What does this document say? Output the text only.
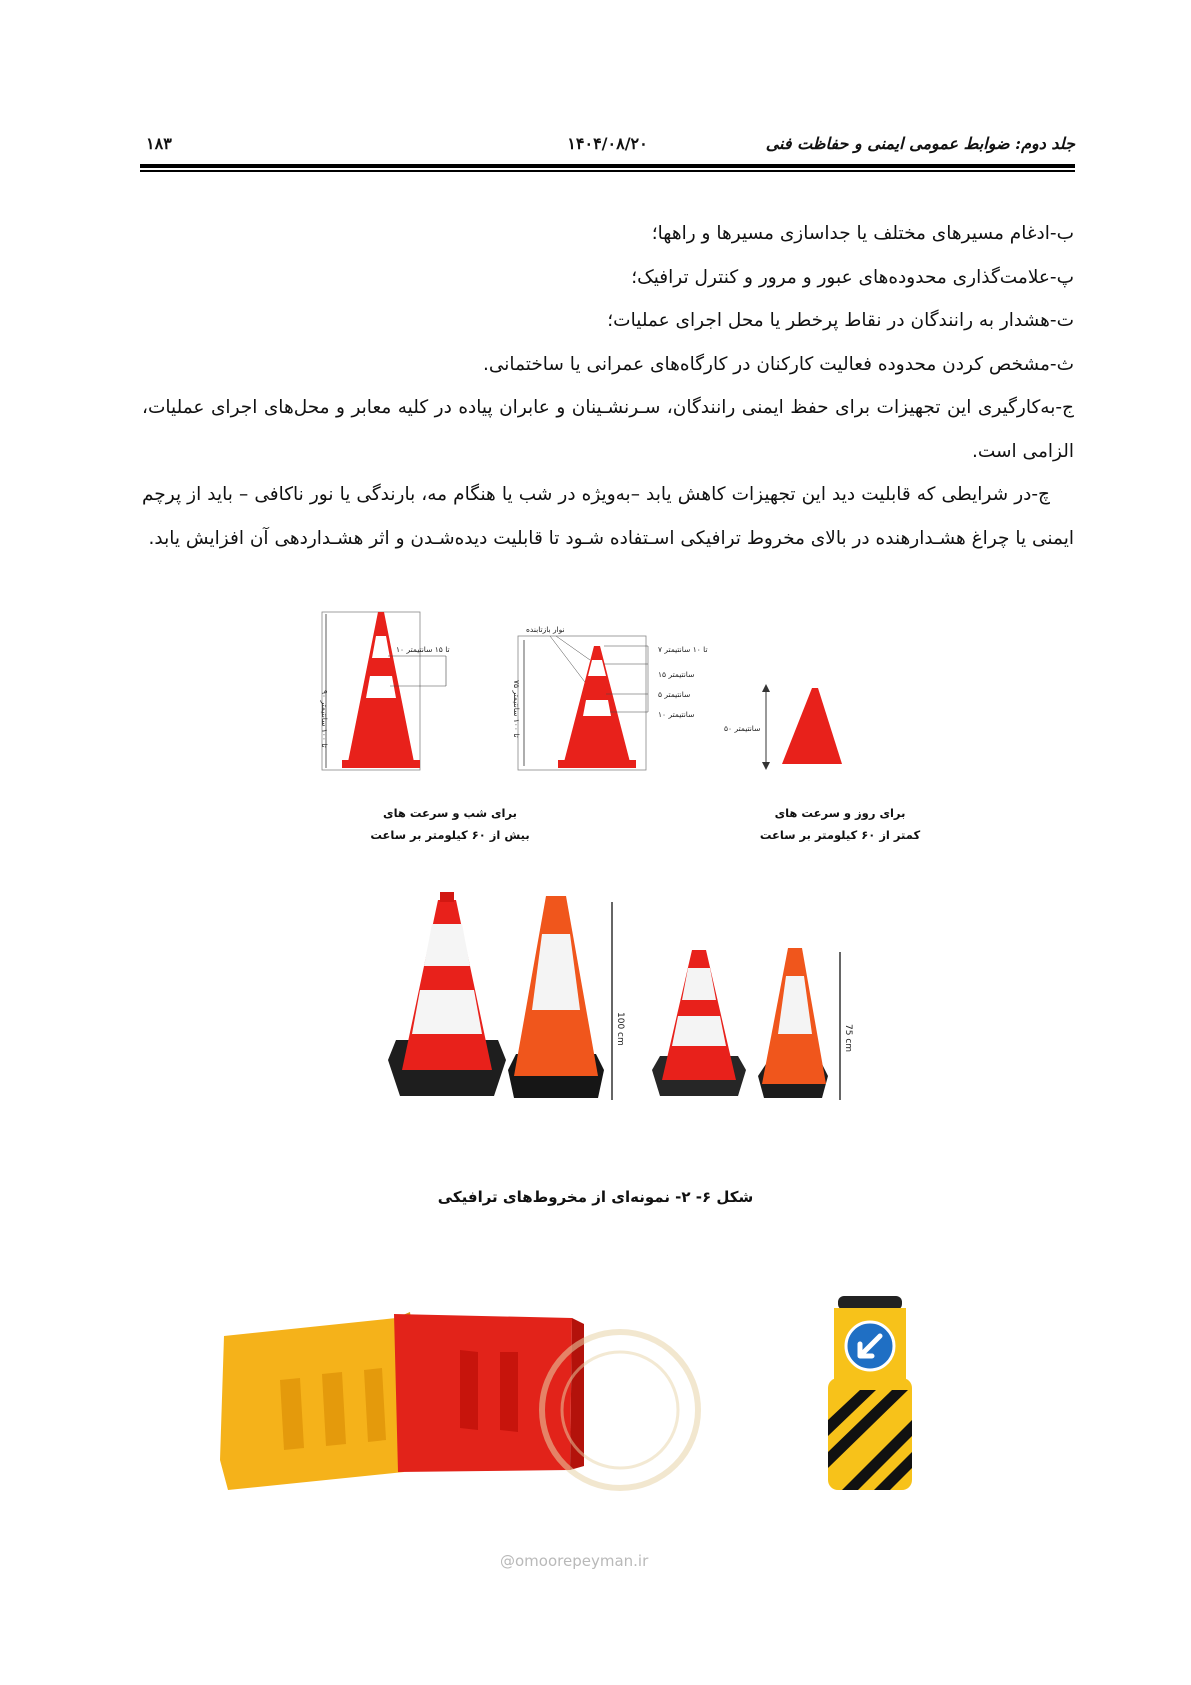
جلد دوم: ضوابط عمومی ایمنی و حفاظت فنی
۱۴۰۴/۰۸/۲۰
۱۸۳

ب-ادغام مسیرهای مختلف یا جداسازی مسیرها و راهها؛

پ-علامت‌گذاری محدوده‌های عبور و مرور و کنترل ترافیک؛

ت-هشدار به رانندگان در نقاط پرخطر یا محل اجرای عملیات؛

ث-مشخص کردن محدوده فعالیت کارکنان در کارگاه‌های عمرانی یا ساختمانی.

ج-به‌کارگیری این تجهیزات برای حفظ ایمنی رانندگان، سـرنشـینان و عابران پیاده در کلیه معابر و محل‌های اجرای عملیات، الزامی است.

چ-در شرایطی که قابلیت دید این تجهیزات کاهش یابد –به‌ویژه در شب یا هنگام مه، بارندگی یا نور ناکافی – باید از پرچم ایمنی یا چراغ هشـدارهنده در بالای مخروط ترافیکی اسـتفاده شـود تا قابلیت دیده‌شـدن و اثر هشـداردهی آن افزایش یابد.

۱۰ تا ۱۵ سانتیمتر
۹۰ تا ۱۰۰ سانتیمتر
نوار بازتابنده
۷ تا ۱۰ سانتیمتر
۱۵ سانتیمتر
۵ سانتیمتر
۱۰ سانتیمتر
۷۵ تا ۱۰۰ سانتیمتر
۵۰ سانتیمتر
100 cm	75 cm
برای شب و سرعت های
بیش از ۶۰ کیلومتر بر ساعت
برای روز و سرعت های
کمتر از ۶۰ کیلومتر بر ساعت
شکل ۶- ۲- نمونه‌ای از مخروط‌های ترافیکی
@omoorepeyman.ir
